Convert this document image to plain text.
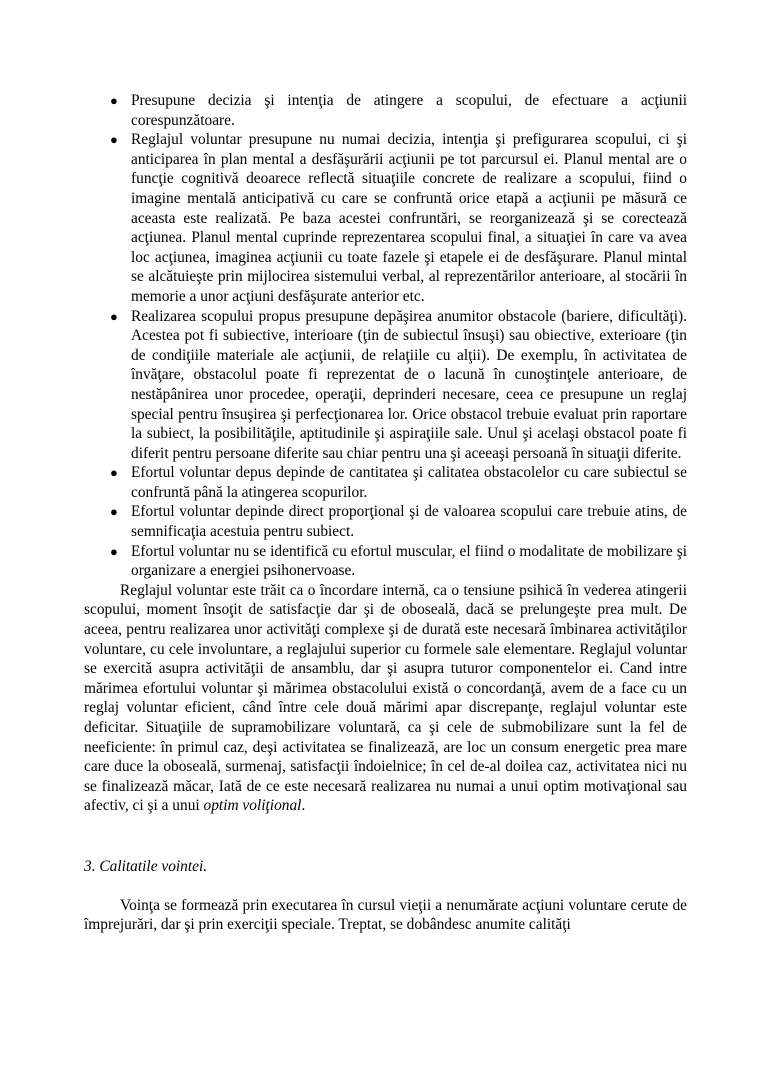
● Presupune decizia şi intenţia de atingere a scopului, de efectuare a acţiunii corespunzătoare.
● Reglajul voluntar presupune nu numai decizia, intenţia şi prefigurarea scopului, ci şi anticiparea în plan mental a desfăşurării acţiunii pe tot parcursul ei. Planul mental are o funcţie cognitivă deoarece reflectă situaţiile concrete de realizare a scopului, fiind o imagine mentală anticipativă cu care se confruntă orice etapă a acţiunii pe măsură ce aceasta este realizată. Pe baza acestei confruntări, se reorganizează şi se corectează acţiunea. Planul mental cuprinde reprezentarea scopului final, a situaţiei în care va avea loc acţiunea, imaginea acţiunii cu toate fazele şi etapele ei de desfăşurare. Planul mintal se alcătuieşte prin mijlocirea sistemului verbal, al reprezentărilor anterioare, al stocării în memorie a unor acţiuni desfăşurate anterior etc.
● Realizarea scopului propus presupune depăşirea anumitor obstacole (bariere, dificultăţi). Acestea pot fi subiective, interioare (ţin de subiectul însuşi) sau obiective, exterioare (ţin de condiţiile materiale ale acţiunii, de relaţiile cu alţii). De exemplu, în activitatea de învăţare, obstacolul poate fi reprezentat de o lacună în cunoştinţele anterioare, de nestăpânirea unor procedee, operaţii, deprinderi necesare, ceea ce presupune un reglaj special pentru însuşirea şi perfecţionarea lor. Orice obstacol trebuie evaluat prin raportare la subiect, la posibilităţile, aptitudinile şi aspiraţiile sale. Unul şi acelaşi obstacol poate fi diferit pentru persoane diferite sau chiar pentru una şi aceeaşi persoană în situaţii diferite.
● Efortul voluntar depus depinde de cantitatea şi calitatea obstacolelor cu care subiectul se confruntă până la atingerea scopurilor.
● Efortul voluntar depinde direct proporţional şi de valoarea scopului care trebuie atins, de semnificaţia acestuia pentru subiect.
● Efortul voluntar nu se identifică cu efortul muscular, el fiind o modalitate de mobilizare şi organizare a energiei psihonervoase.

Reglajul voluntar este trăit ca o încordare internă, ca o tensiune psihică în vederea atingerii scopului, moment însoţit de satisfacţie dar şi de oboseală, dacă se prelungeşte prea mult. De aceea, pentru realizarea unor activităţi complexe şi de durată este necesară îmbinarea activităţilor voluntare, cu cele involuntare, a reglajului superior cu formele sale elementare. Reglajul voluntar se exercită asupra activităţii de ansamblu, dar şi asupra tuturor componentelor ei. Cand intre mărimea efortului voluntar şi mărimea obstacolului există o concordanţă, avem de a face cu un reglaj voluntar eficient, când între cele două mărimi apar discrepanţe, reglajul voluntar este deficitar. Situaţiile de supramobilizare voluntară, ca şi cele de submobilizare sunt la fel de neeficiente: în primul caz, deşi activitatea se finalizează, are loc un consum energetic prea mare care duce la oboseală, surmenaj, satisfacţii îndoielnice; în cel de-al doilea caz, activitatea nici nu se finalizează măcar, Iată de ce este necesară realizarea nu numai a unui optim motivaţional sau afectiv, ci şi a unui optim voliţional.

3. Calitatile vointei.

Voinţa se formează prin executarea în cursul vieţii a nenumărate acţiuni voluntare cerute de împrejurări, dar şi prin exerciţii speciale. Treptat, se dobândesc anumite calităţi
